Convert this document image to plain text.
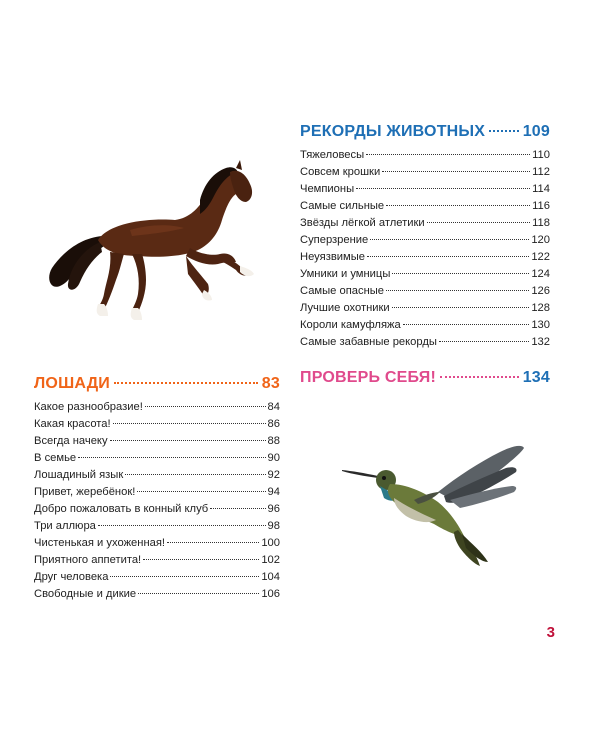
РЕКОРДЫ ЖИВОТНЫХ 109
Тяжеловесы	110
Совсем крошки	112
Чемпионы	114
Самые сильные	116
Звёзды лёгкой атлетики	118
Суперзрение	120
Неуязвимые	122
Умники и умницы	124
Самые опасные	126
Лучшие охотники	128
Короли камуфляжа	130
Самые забавные рекорды	132
ПРОВЕРЬ СЕБЯ!	134
ЛОШАДИ	83
Какое разнообразие!	84
Какая красота!	86
Всегда начеку	88
В семье	90
Лошадиный язык	92
Привет, жеребёнок!	94
Добро пожаловать в конный клуб	96
Три аллюра	98
Чистенькая и ухоженная!	100
Приятного аппетита!	102
Друг человека	104
Свободные и дикие	106
3
